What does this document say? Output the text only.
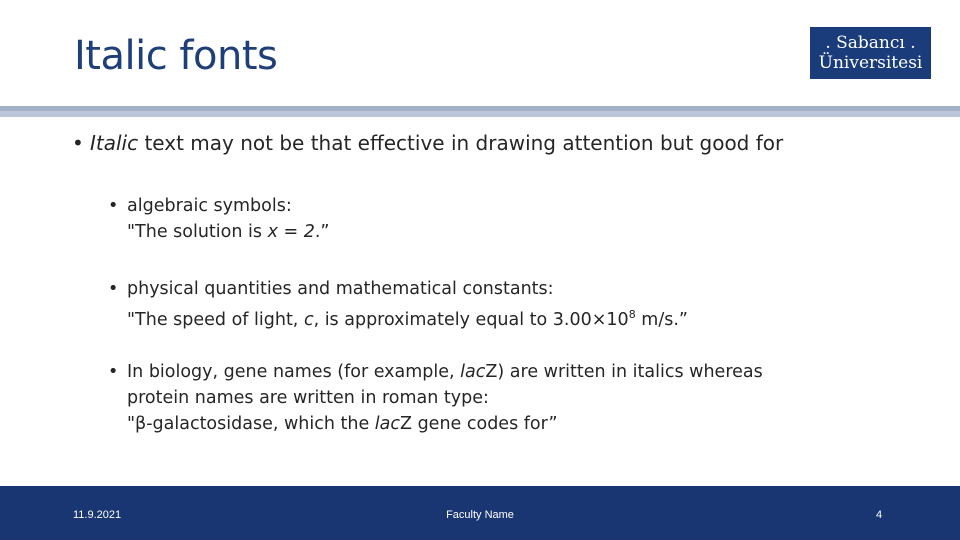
Italic fonts	. Sabancı .
Üniversitesi
• Italic text may not be that effective in drawing attention but good for
• algebraic symbols:
"The solution is x = 2.”
• physical quantities and mathematical constants:
"The speed of light, c, is approximately equal to $3.00\times 10^8$ m/s.”
• In biology, gene names (for example, lacZ) are written in italics whereas
protein names are written in roman type:
"β-galactosidase, which the lacZ gene codes for”
11.9.2021	Faculty Name	4
